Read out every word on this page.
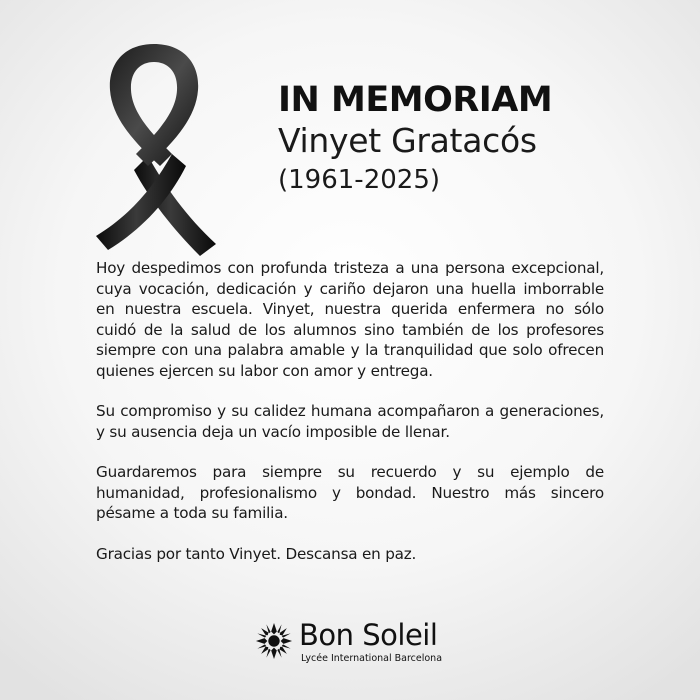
IN MEMORIAM
Vinyet Gratacós
(1961-2025)

Hoy despedimos con profunda tristeza a una persona excepcional, cuya vocación, dedicación y cariño dejaron una huella imborrable en nuestra escuela. Vinyet, nuestra querida enfermera no sólo cuidó de la salud de los alumnos sino también de los profesores siempre con una palabra amable y la tranquilidad que solo ofrecen quienes ejercen su labor con amor y entrega.

Su compromiso y su calidez humana acompañaron a generaciones, y su ausencia deja un vacío imposible de llenar.

Guardaremos para siempre su recuerdo y su ejemplo de humanidad, profesionalismo y bondad. Nuestro más sincero pésame a toda su familia.

Gracias por tanto Vinyet. Descansa en paz.

Bon Soleil
Lycée International Barcelona
